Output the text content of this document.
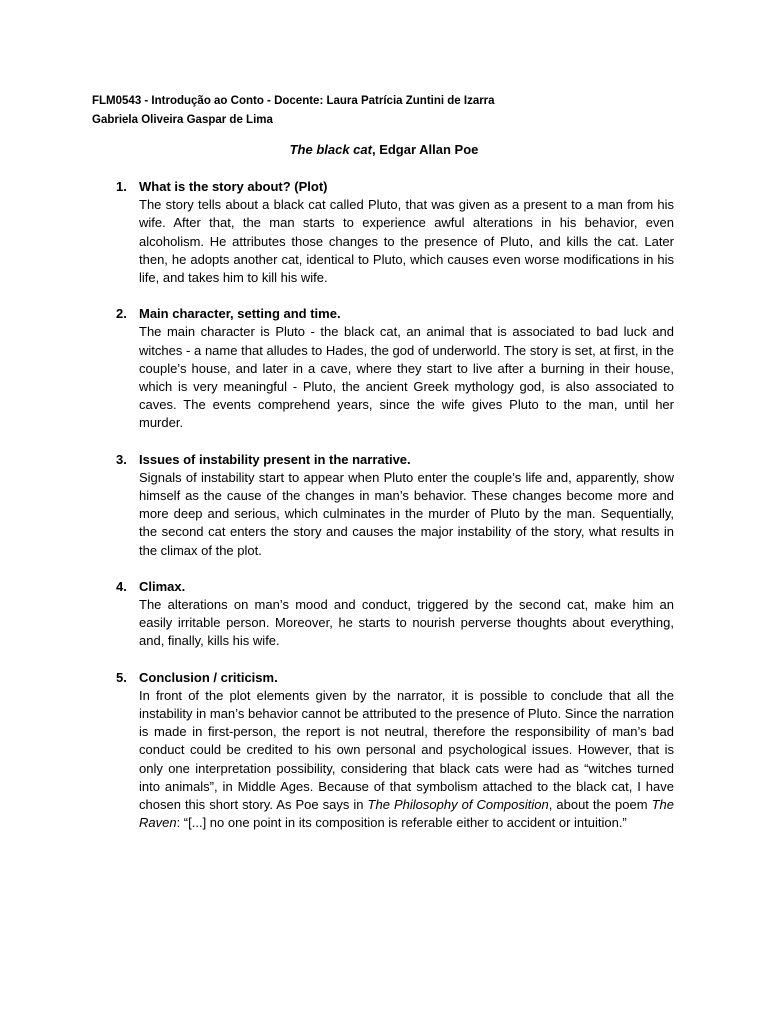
FLM0543 - Introdução ao Conto - Docente: Laura Patrícia Zuntini de Izarra
Gabriela Oliveira Gaspar de Lima
The black cat, Edgar Allan Poe
1. What is the story about? (Plot)
The story tells about a black cat called Pluto, that was given as a present to a man from his wife. After that, the man starts to experience awful alterations in his behavior, even alcoholism. He attributes those changes to the presence of Pluto, and kills the cat. Later then, he adopts another cat, identical to Pluto, which causes even worse modifications in his life, and takes him to kill his wife.
2. Main character, setting and time.
The main character is Pluto - the black cat, an animal that is associated to bad luck and witches - a name that alludes to Hades, the god of underworld. The story is set, at first, in the couple’s house, and later in a cave, where they start to live after a burning in their house, which is very meaningful - Pluto, the ancient Greek mythology god, is also associated to caves. The events comprehend years, since the wife gives Pluto to the man, until her murder.
3. Issues of instability present in the narrative.
Signals of instability start to appear when Pluto enter the couple’s life and, apparently, show himself as the cause of the changes in man’s behavior. These changes become more and more deep and serious, which culminates in the murder of Pluto by the man. Sequentially, the second cat enters the story and causes the major instability of the story, what results in the climax of the plot.
4. Climax.
The alterations on man’s mood and conduct, triggered by the second cat, make him an easily irritable person. Moreover, he starts to nourish perverse thoughts about everything, and, finally, kills his wife.
5. Conclusion / criticism.
In front of the plot elements given by the narrator, it is possible to conclude that all the instability in man’s behavior cannot be attributed to the presence of Pluto. Since the narration is made in first-person, the report is not neutral, therefore the responsibility of man’s bad conduct could be credited to his own personal and psychological issues. However, that is only one interpretation possibility, considering that black cats were had as “witches turned into animals”, in Middle Ages. Because of that symbolism attached to the black cat, I have chosen this short story. As Poe says in The Philosophy of Composition, about the poem The Raven: “[...] no one point in its composition is referable either to accident or intuition.”
